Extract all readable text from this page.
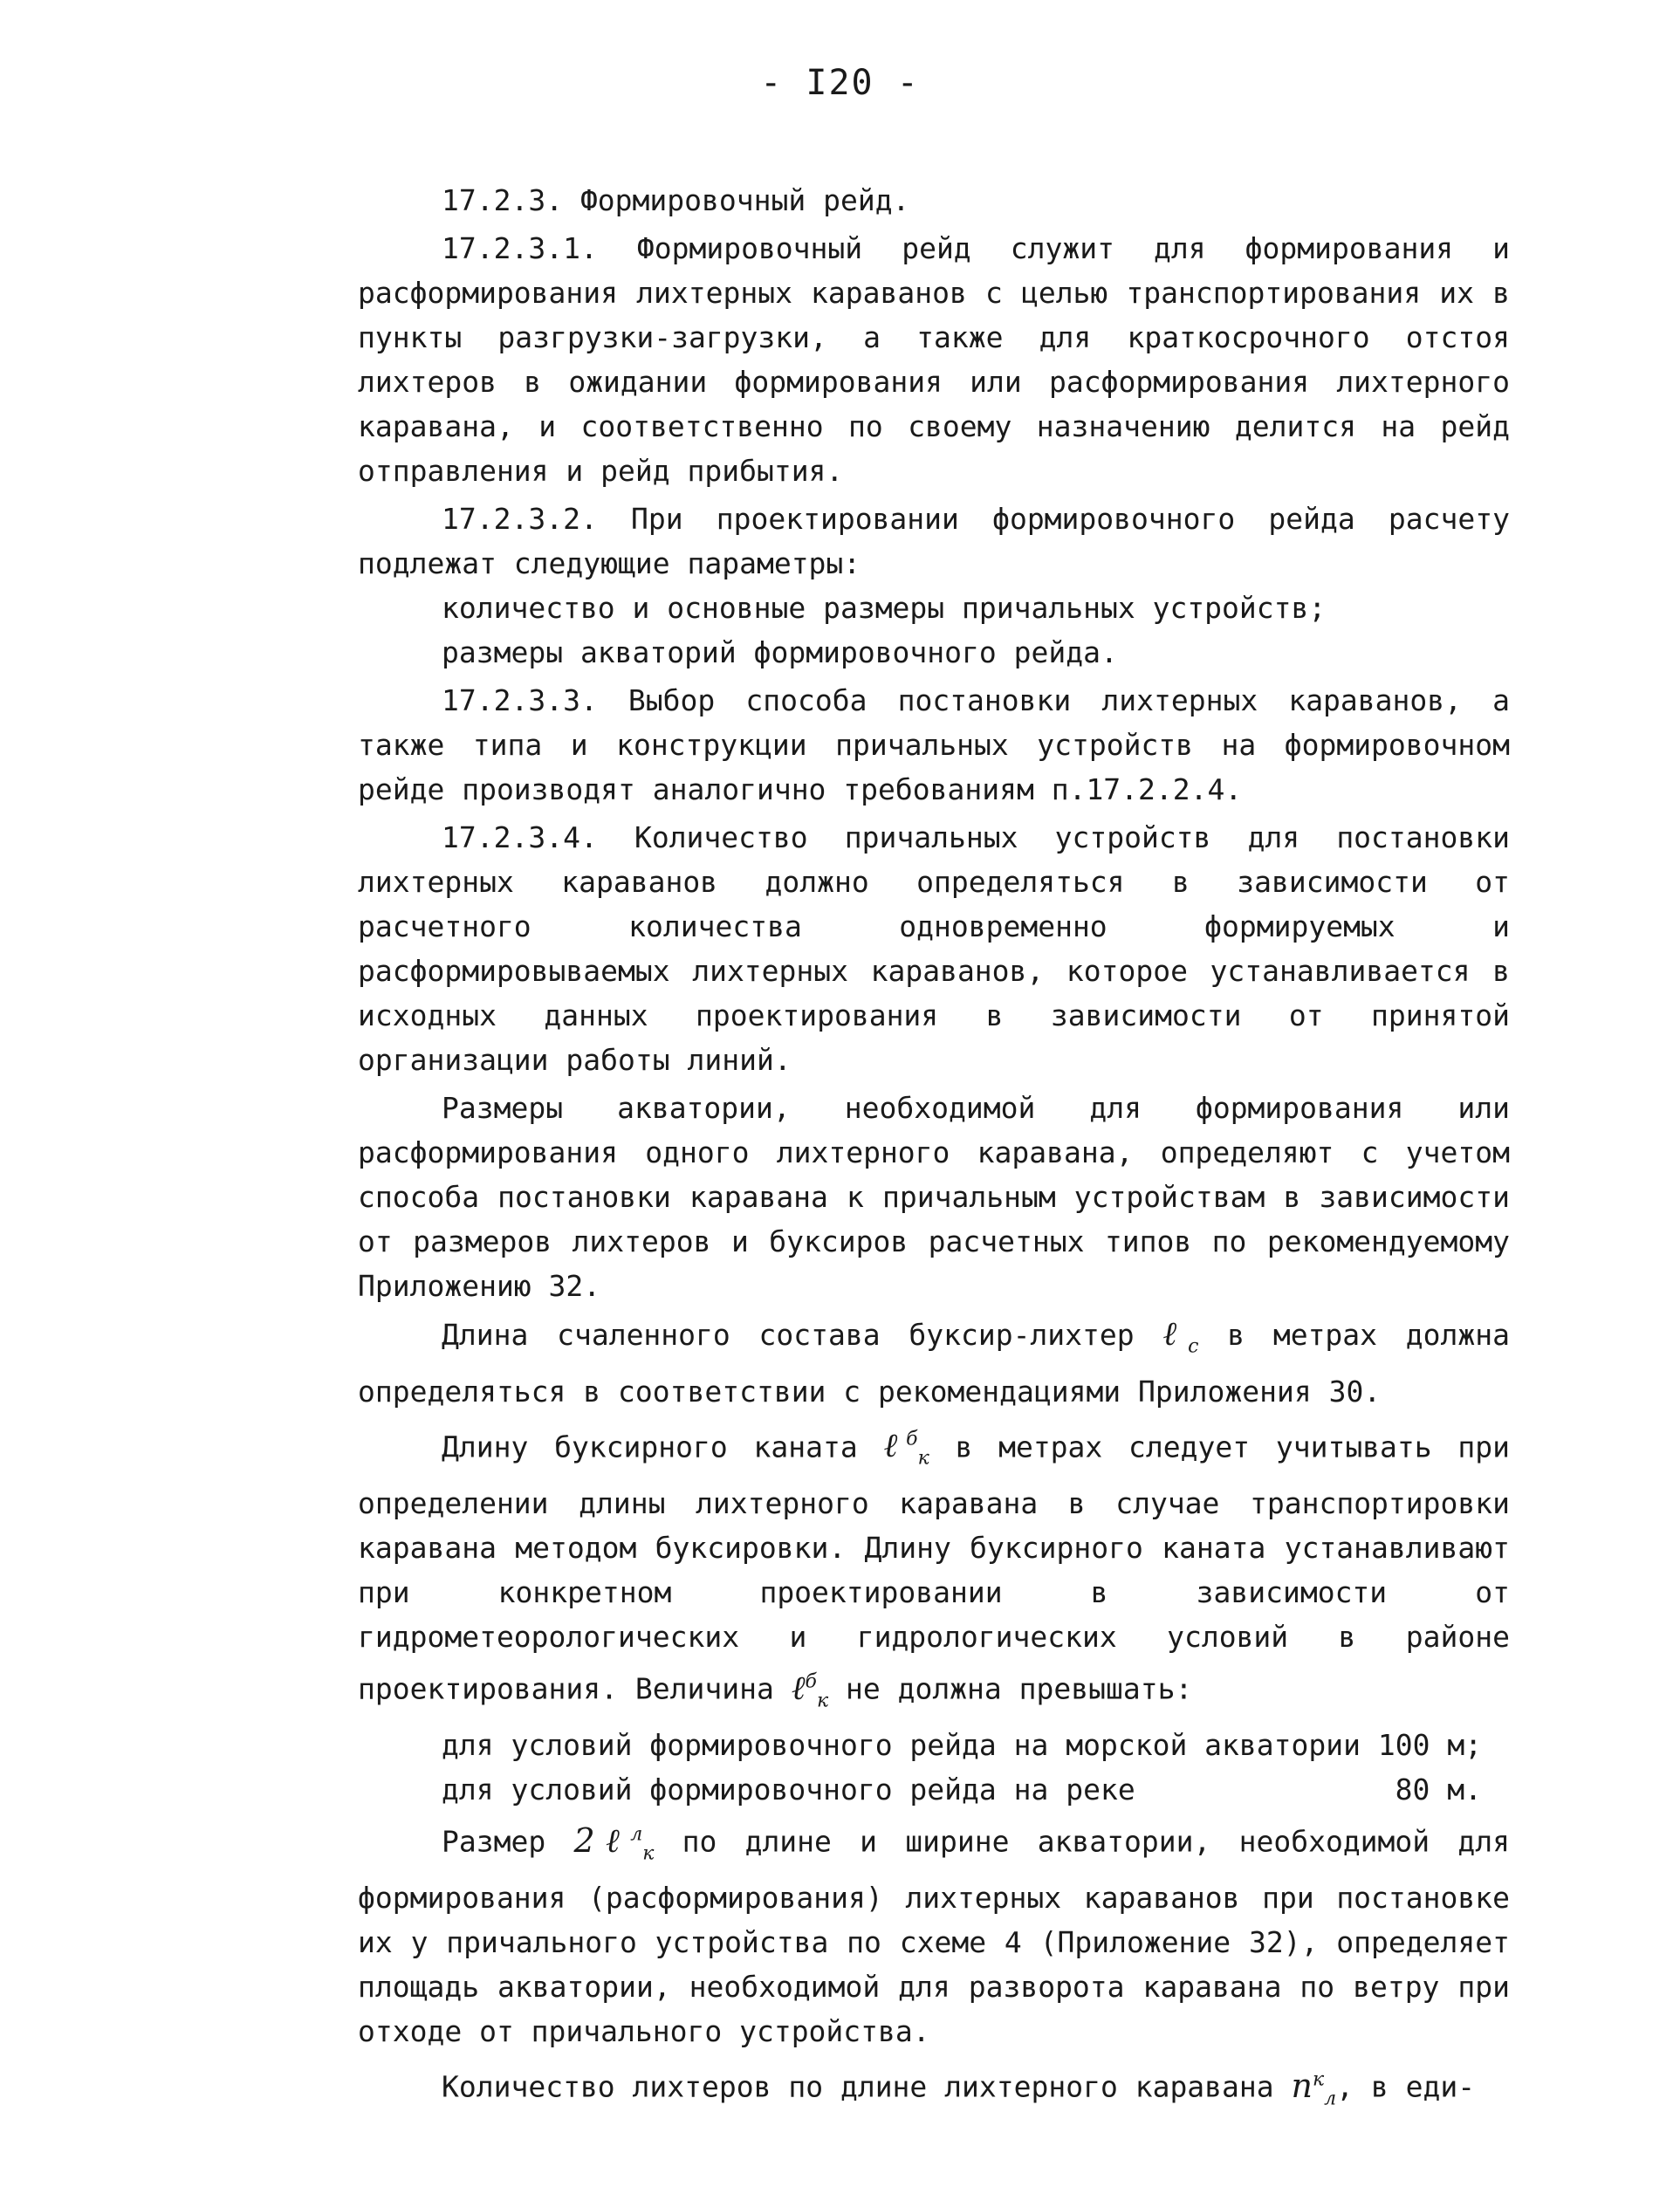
- I20 -

17.2.3. Формировочный рейд.

17.2.3.1. Формировочный рейд служит для формирования и расформирования лихтерных караванов с целью транспортирования их в пункты разгрузки-загрузки, а также для краткосрочного отстоя лихтеров в ожидании формирования или расформирования лихтерного каравана, и соответственно по своему назначению делится на рейд отправления и рейд прибытия.

17.2.3.2. При проектировании формировочного рейда расчету подлежат следующие параметры:

количество и основные размеры причальных устройств;

размеры акваторий формировочного рейда.

17.2.3.3. Выбор способа постановки лихтерных караванов, а также типа и конструкции причальных устройств на формировочном рейде производят аналогично требованиям п.17.2.2.4.

17.2.3.4. Количество причальных устройств для постановки лихтерных караванов должно определяться в зависимости от расчетного количества одновременно формируемых и расформировываемых лихтерных караванов, которое устанавливается в исходных данных проектирования в зависимости от принятой организации работы линий.

Размеры акватории, необходимой для формирования или расформирования одного лихтерного каравана, определяют с учетом способа постановки каравана к причальным устройствам в зависимости от размеров лихтеров и буксиров расчетных типов по рекомендуемому Приложению 32.

Длина счаленного состава буксир-лихтер ℓ$_c$ в метрах должна определяться в соответствии с рекомендациями Приложения 30.

Длину буксирного каната ℓ$^б_к$ в метрах следует учитывать при определении длины лихтерного каравана в случае транспортировки каравана методом буксировки. Длину буксирного каната устанавливают при конкретном проектировании в зависимости от гидрометеорологических и гидрологических условий в районе проектирования. Величина ℓ$^б_к$ не должна превышать:

для условий формировочного рейда на морской акватории 100 м;

для условий формировочного рейда на реке	80 м.

Размер 2ℓ$^л_к$ по длине и ширине акватории, необходимой для формирования (расформирования) лихтерных караванов при постановке их у причального устройства по схеме 4 (Приложение 32), определяет площадь акватории, необходимой для разворота каравана по ветру при отходе от причального устройства.

Количество лихтеров по длине лихтерного каравана $n^к_л$, в еди-
